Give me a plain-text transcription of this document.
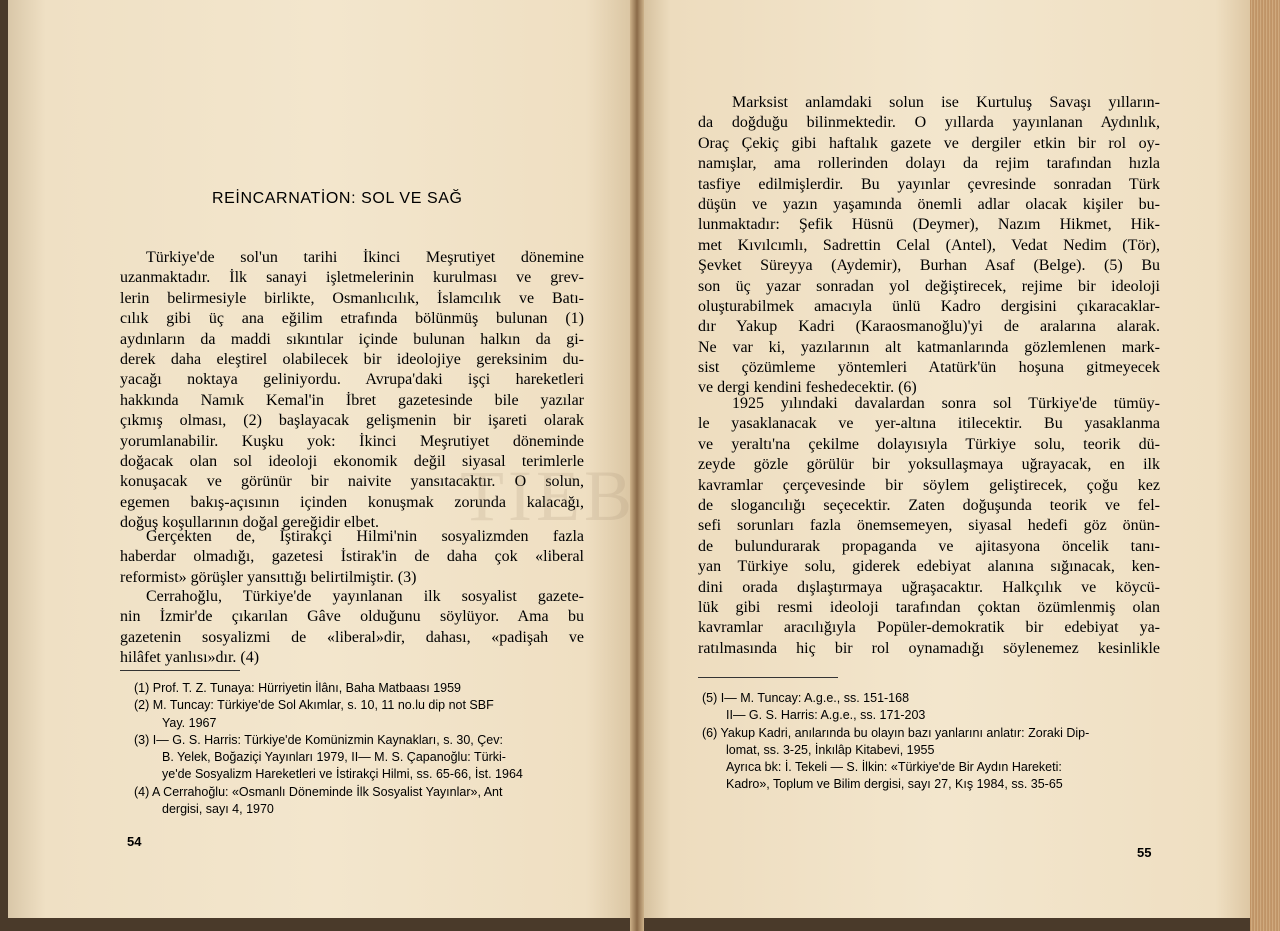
REİNCARNATİON: SOL VE SAĞ
Türkiye'de sol'un tarihi İkinci Meşrutiyet dönemine
uzanmaktadır. İlk sanayi işletmelerinin kurulması ve grev-
lerin belirmesiyle birlikte, Osmanlıcılık, İslamcılık ve Batı-
cılık gibi üç ana eğilim etrafında bölünmüş bulunan (1)
aydınların da maddi sıkıntılar içinde bulunan halkın da gi-
derek daha eleştirel olabilecek bir ideolojiye gereksinim du-
yacağı noktaya geliniyordu. Avrupa'daki işçi hareketleri
hakkında Namık Kemal'in İbret gazetesinde bile yazılar
çıkmış olması, (2) başlayacak gelişmenin bir işareti olarak
yorumlanabilir. Kuşku yok: İkinci Meşrutiyet döneminde
doğacak olan sol ideoloji ekonomik değil siyasal terimlerle
konuşacak ve görünür bir naivite yansıtacaktır. O solun,
egemen bakış-açısının içinden konuşmak zorunda kalacağı,
doğuş koşullarının doğal gereğidir elbet.
Gerçekten de, İştirakçi Hilmi'nin sosyalizmden fazla
haberdar olmadığı, gazetesi İstirak'in de daha çok «liberal
reformist» görüşler yansıttığı belirtilmiştir. (3)
Cerrahoğlu, Türkiye'de yayınlanan ilk sosyalist gazete-
nin İzmir'de çıkarılan Gâve olduğunu söylüyor. Ama bu
gazetenin sosyalizmi de «liberal»dir, dahası, «padişah ve
hilâfet yanlısı»dır. (4)
(1) Prof. T. Z. Tunaya: Hürriyetin İlânı, Baha Matbaası 1959
(2) M. Tuncay: Türkiye'de Sol Akımlar, s. 10, 11 no.lu dip not SBF
Yay. 1967
(3) I— G. S. Harris: Türkiye'de Komünizmin Kaynakları, s. 30, Çev:
B. Yelek, Boğaziçi Yayınları 1979, II— M. S. Çapanoğlu: Türki-
ye'de Sosyalizm Hareketleri ve İstirakçi Hilmi, ss. 65-66, İst. 1964
(4) A Cerrahoğlu: «Osmanlı Döneminde İlk Sosyalist Yayınlar», Ant
dergisi, sayı 4, 1970
54
Marksist anlamdaki solun ise Kurtuluş Savaşı yılların-
da doğduğu bilinmektedir. O yıllarda yayınlanan Aydınlık,
Oraç Çekiç gibi haftalık gazete ve dergiler etkin bir rol oy-
namışlar, ama rollerinden dolayı da rejim tarafından hızla
tasfiye edilmişlerdir. Bu yayınlar çevresinde sonradan Türk
düşün ve yazın yaşamında önemli adlar olacak kişiler bu-
lunmaktadır: Şefik Hüsnü (Deymer), Nazım Hikmet, Hik-
met Kıvılcımlı, Sadrettin Celal (Antel), Vedat Nedim (Tör),
Şevket Süreyya (Aydemir), Burhan Asaf (Belge). (5) Bu
son üç yazar sonradan yol değiştirecek, rejime bir ideoloji
oluşturabilmek amacıyla ünlü Kadro dergisini çıkaracaklar-
dır Yakup Kadri (Karaosmanoğlu)'yi de aralarına alarak.
Ne var ki, yazılarının alt katmanlarında gözlemlenen mark-
sist çözümleme yöntemleri Atatürk'ün hoşuna gitmeyecek
ve dergi kendini feshedecektir. (6)
1925 yılındaki davalardan sonra sol Türkiye'de tümüy-
le yasaklanacak ve yer-altına itilecektir. Bu yasaklanma
ve yeraltı'na çekilme dolayısıyla Türkiye solu, teorik dü-
zeyde gözle görülür bir yoksullaşmaya uğrayacak, en ilk
kavramlar çerçevesinde bir söylem geliştirecek, çoğu kez
de slogancılığı seçecektir. Zaten doğuşunda teorik ve fel-
sefi sorunları fazla önemsemeyen, siyasal hedefi göz önün-
de bulundurarak propaganda ve ajitasyona öncelik tanı-
yan Türkiye solu, giderek edebiyat alanına sığınacak, ken-
dini orada dışlaştırmaya uğraşacaktır. Halkçılık ve köycü-
lük gibi resmi ideoloji tarafından çoktan özümlenmiş olan
kavramlar aracılığıyla Popüler-demokratik bir edebiyat ya-
ratılmasında hiç bir rol oynamadığı söylenemez kesinlikle
(5) I— M. Tuncay: A.g.e., ss. 151-168
II— G. S. Harris: A.g.e., ss. 171-203
(6) Yakup Kadri, anılarında bu olayın bazı yanlarını anlatır: Zoraki Dip-
lomat, ss. 3-25, İnkılâp Kitabevi, 1955
Ayrıca bk: İ. Tekeli — S. İlkin: «Türkiye'de Bir Aydın Hareketi:
Kadro», Toplum ve Bilim dergisi, sayı 27, Kış 1984, ss. 35-65
55
TIEB
